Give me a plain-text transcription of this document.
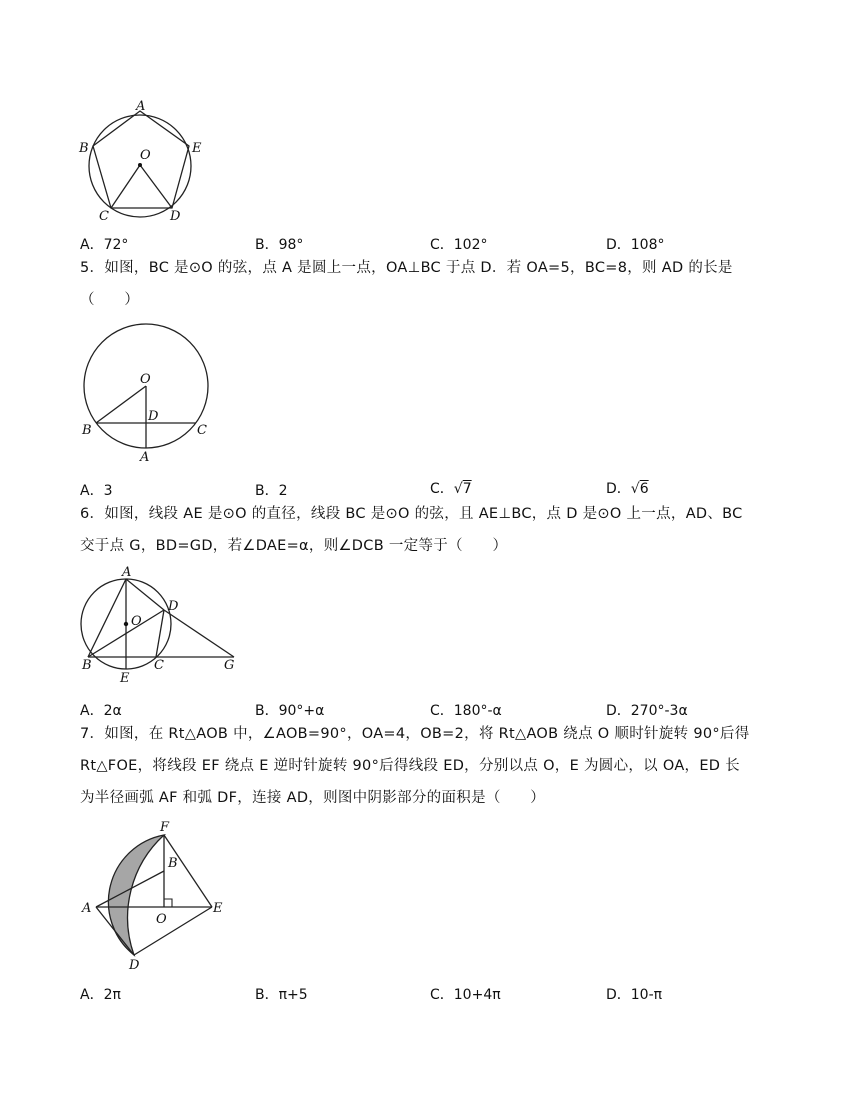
A
B	E
O
C	D
A．72°	B．98°	C．102°	D．108°
5．如图，BC 是⊙O 的弦，点 A 是圆上一点，OA⊥BC 于点 D．若 OA=5，BC=8，则 AD 的长是
（　　）
O
D
B	C
A
A．3	B．2	C．√7	D．√6
6．如图，线段 AE 是⊙O 的直径，线段 BC 是⊙O 的弦，且 AE⊥BC，点 D 是⊙O 上一点，AD、BC
交于点 G，BD=GD，若∠DAE=α，则∠DCB 一定等于（　　）
A
D
O
B	C	G
E
A．2α	B．90°+α	C．180°-α	D．270°-3α
7．如图，在 Rt△AOB 中，∠AOB=90°，OA=4，OB=2，将 Rt△AOB 绕点 O 顺时针旋转 90°后得
Rt△FOE，将线段 EF 绕点 E 逆时针旋转 90°后得线段 ED，分别以点 O，E 为圆心，以 OA，ED 长
为半径画弧 AF 和弧 DF，连接 AD，则图中阴影部分的面积是（　　）
F
B
A
O
E
D
A．2π	B．π+5	C．10+4π	D．10-π
